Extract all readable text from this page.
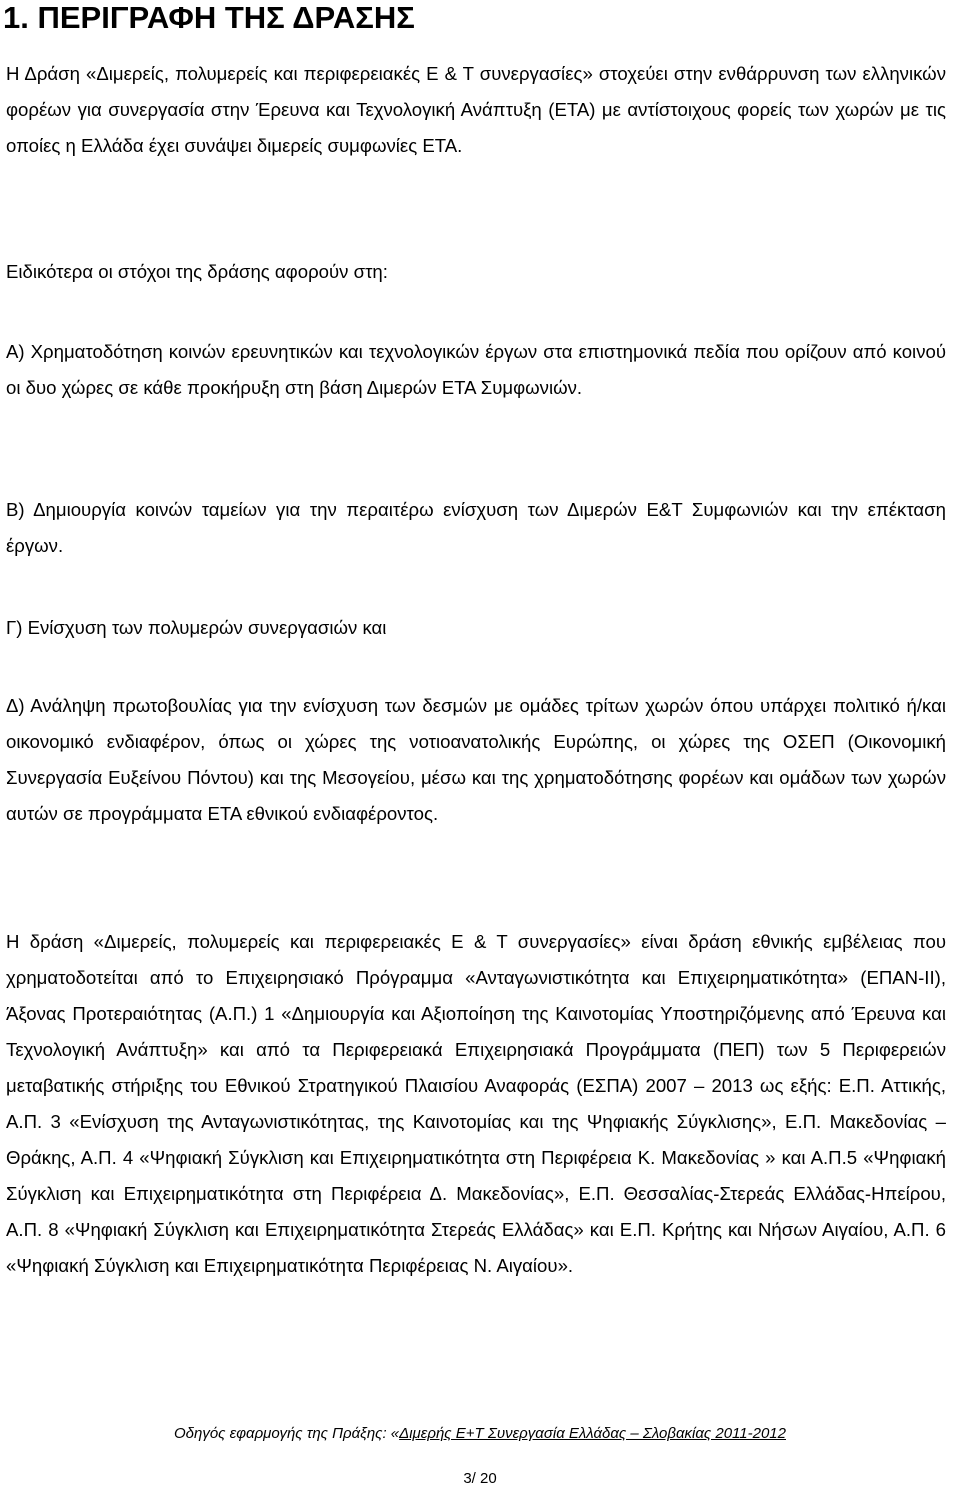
1. ΠΕΡΙΓΡΑΦΗ ΤΗΣ ΔΡΑΣΗΣ

Η Δράση «Διμερείς, πολυμερείς και περιφερειακές Ε & Τ συνεργασίες» στοχεύει στην ενθάρρυνση των ελληνικών φορέων για συνεργασία στην Έρευνα και Τεχνολογική Ανάπτυξη (ΕΤΑ) με αντίστοιχους φορείς των χωρών με τις οποίες η Ελλάδα έχει συνάψει διμερείς συμφωνίες ΕΤΑ.

Ειδικότερα οι στόχοι της δράσης αφορούν στη:

Α) Χρηματοδότηση κοινών ερευνητικών και τεχνολογικών έργων στα επιστημονικά πεδία που ορίζουν από κοινού οι δυο χώρες σε κάθε προκήρυξη στη βάση Διμερών ΕΤΑ Συμφωνιών.

Β) Δημιουργία κοινών ταμείων για την περαιτέρω ενίσχυση των Διμερών Ε&Τ Συμφωνιών και την επέκταση έργων.

Γ) Ενίσχυση των πολυμερών συνεργασιών και

Δ) Ανάληψη πρωτοβουλίας για την ενίσχυση των δεσμών με ομάδες τρίτων χωρών όπου υπάρχει πολιτικό ή/και οικονομικό ενδιαφέρον, όπως οι χώρες της νοτιοανατολικής Ευρώπης, οι χώρες της ΟΣΕΠ (Οικονομική Συνεργασία Ευξείνου Πόντου) και της Μεσογείου, μέσω και της χρηματοδότησης φορέων και ομάδων των χωρών αυτών σε προγράμματα ΕΤΑ εθνικού ενδιαφέροντος.

Η δράση «Διμερείς, πολυμερείς και περιφερειακές Ε & Τ συνεργασίες» είναι δράση εθνικής εμβέλειας που χρηματοδοτείται από το Επιχειρησιακό Πρόγραμμα «Ανταγωνιστικότητα και Επιχειρηματικότητα» (ΕΠΑΝ-ΙΙ), Άξονας Προτεραιότητας (Α.Π.) 1 «Δημιουργία και Αξιοποίηση της Καινοτομίας Υποστηριζόμενης από Έρευνα και Τεχνολογική Ανάπτυξη» και από τα Περιφερειακά Επιχειρησιακά Προγράμματα (ΠΕΠ) των 5 Περιφερειών μεταβατικής στήριξης του Εθνικού Στρατηγικού Πλαισίου Αναφοράς (ΕΣΠΑ) 2007 – 2013 ως εξής: Ε.Π. Αττικής, Α.Π. 3 «Ενίσχυση της Ανταγωνιστικότητας, της Καινοτομίας και της Ψηφιακής Σύγκλισης», Ε.Π. Μακεδονίας – Θράκης, Α.Π. 4 «Ψηφιακή Σύγκλιση και Επιχειρηματικότητα στη Περιφέρεια Κ. Μακεδονίας » και Α.Π.5 «Ψηφιακή Σύγκλιση και Επιχειρηματικότητα στη Περιφέρεια Δ. Μακεδονίας», Ε.Π. Θεσσαλίας-Στερεάς Ελλάδας-Ηπείρου, Α.Π. 8 «Ψηφιακή Σύγκλιση και Επιχειρηματικότητα Στερεάς Ελλάδας» και Ε.Π. Κρήτης και Νήσων Αιγαίου, Α.Π. 6 «Ψηφιακή Σύγκλιση και Επιχειρηματικότητα Περιφέρειας Ν. Αιγαίου».

Οδηγός εφαρμογής της Πράξης: «Διμερής Ε+Τ Συνεργασία Ελλάδας – Σλοβακίας 2011-2012

3/ 20
